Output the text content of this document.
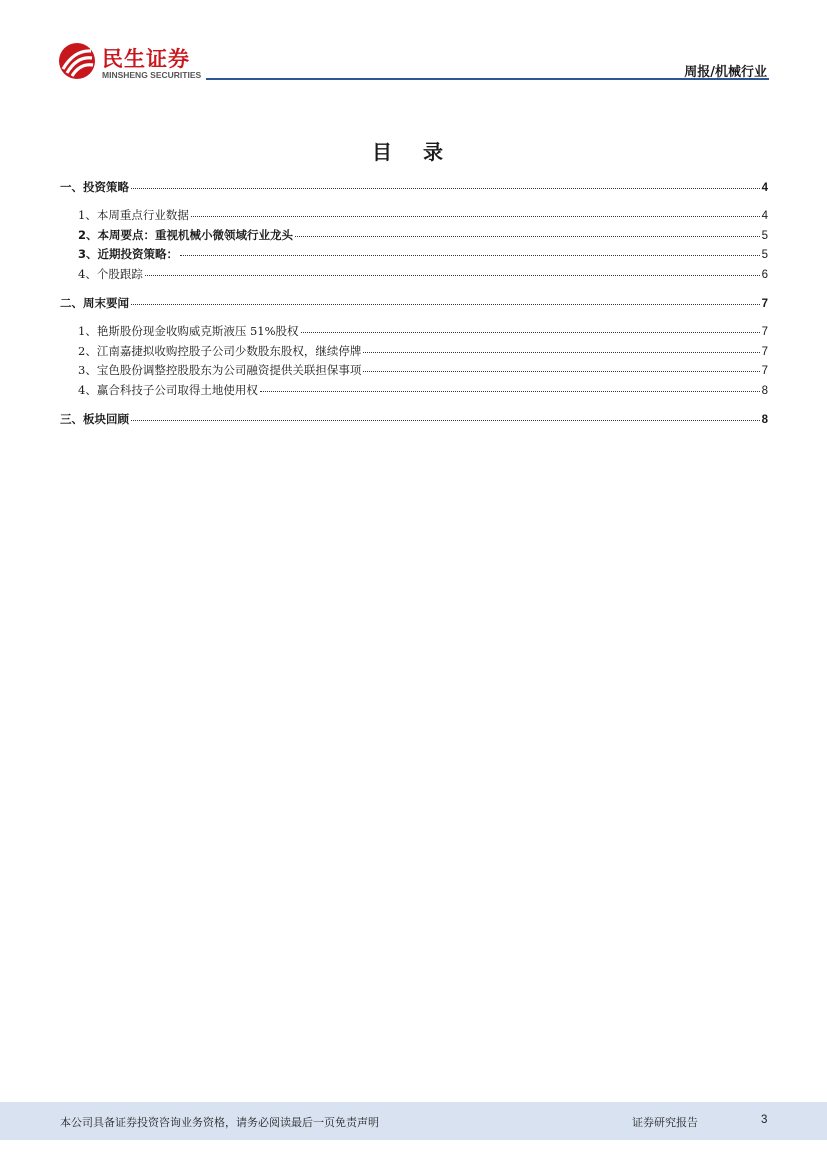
民生证券
MINSHENG SECURITIES	周报/机械行业
目 录
一、投资策略	4
1、本周重点行业数据	4
2、本周要点：重视机械小微领域行业龙头	5
3、近期投资策略：	5
4、个股跟踪	6
二、周末要闻	7
1、艳斯股份现金收购威克斯液压 51%股权	7
2、江南嘉捷拟收购控股子公司少数股东股权，继续停牌	7
3、宝色股份调整控股股东为公司融资提供关联担保事项	7
4、赢合科技子公司取得土地使用权	8
三、板块回顾	8
本公司具备证券投资咨询业务资格，请务必阅读最后一页免责声明	证券研究报告	3
